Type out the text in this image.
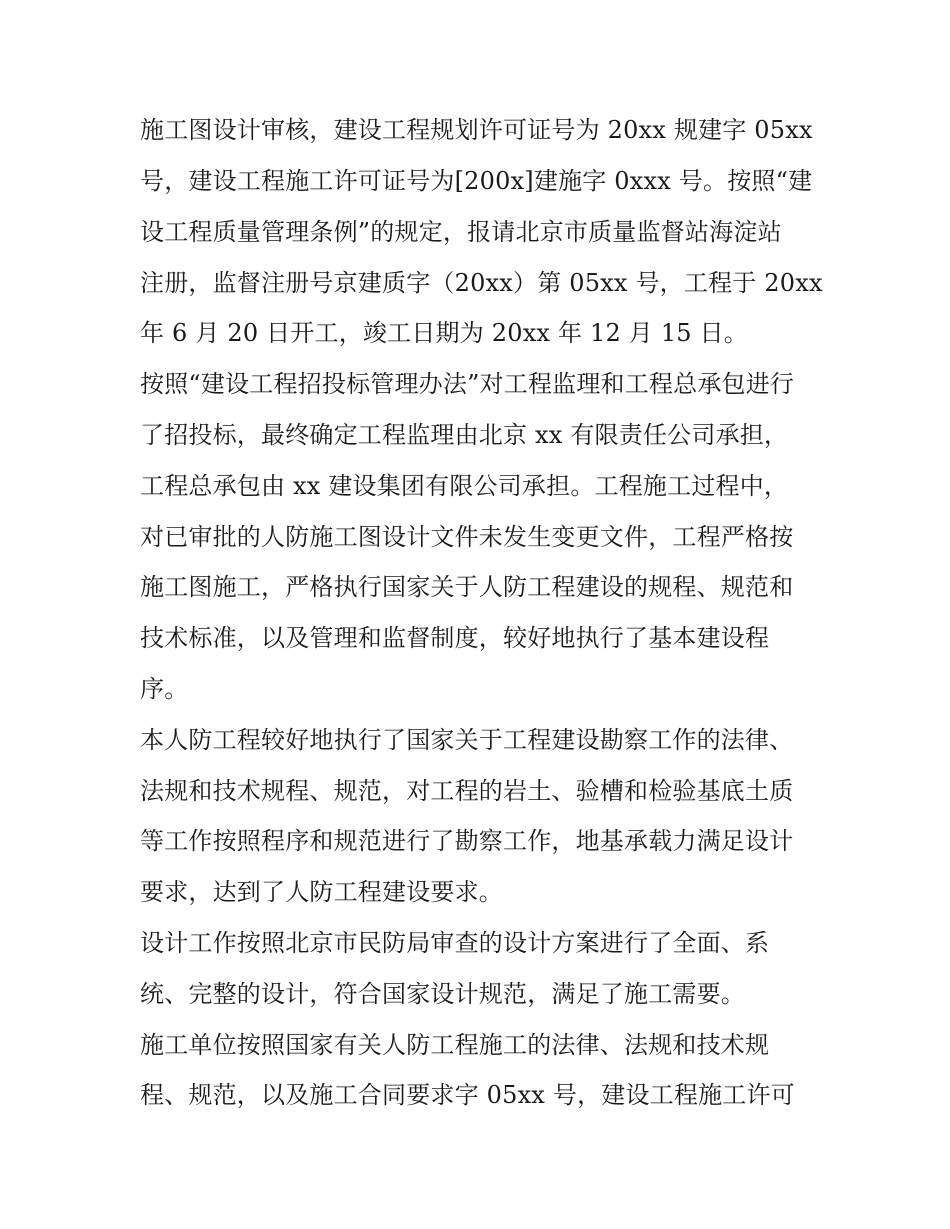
施工图设计审核，建设工程规划许可证号为 20xx 规建字 05xx
号，建设工程施工许可证号为[200x]建施字 0xxx 号。按照“建
设工程质量管理条例”的规定，报请北京市质量监督站海淀站
注册，监督注册号京建质字（20xx）第 05xx 号，工程于 20xx
年 6 月 20 日开工，竣工日期为 20xx 年 12 月 15 日。
按照“建设工程招投标管理办法”对工程监理和工程总承包进行
了招投标，最终确定工程监理由北京 xx 有限责任公司承担，
工程总承包由 xx 建设集团有限公司承担。工程施工过程中，
对已审批的人防施工图设计文件未发生变更文件，工程严格按
施工图施工，严格执行国家关于人防工程建设的规程、规范和
技术标准，以及管理和监督制度，较好地执行了基本建设程
序。
本人防工程较好地执行了国家关于工程建设勘察工作的法律、
法规和技术规程、规范，对工程的岩土、验槽和检验基底土质
等工作按照程序和规范进行了勘察工作，地基承载力满足设计
要求，达到了人防工程建设要求。
设计工作按照北京市民防局审查的设计方案进行了全面、系
统、完整的设计，符合国家设计规范，满足了施工需要。
施工单位按照国家有关人防工程施工的法律、法规和技术规
程、规范，以及施工合同要求字 05xx 号，建设工程施工许可
